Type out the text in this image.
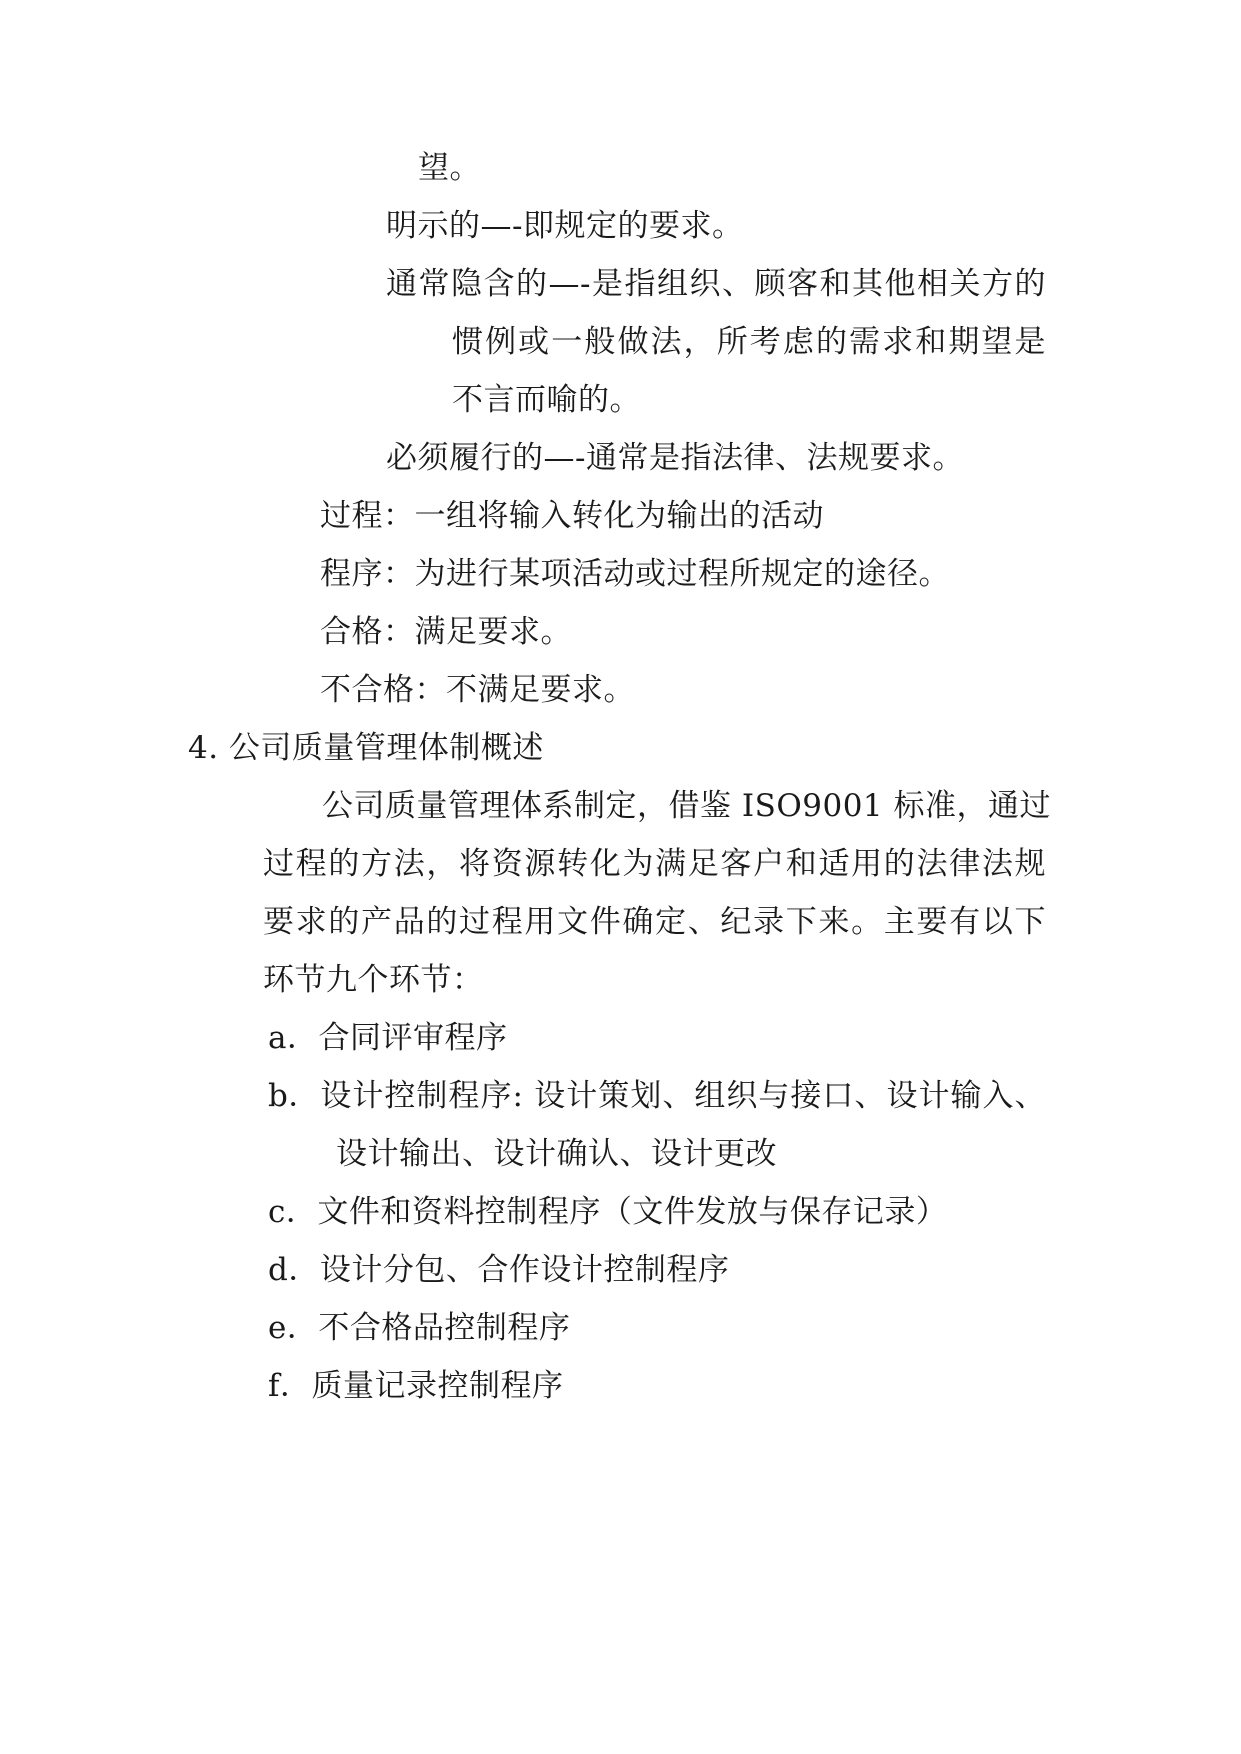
望。
明示的—-即规定的要求。
通常隐含的—-是指组织、顾客和其他相关方的
惯例或一般做法，所考虑的需求和期望是
不言而喻的。
必须履行的—-通常是指法律、法规要求。
过程：一组将输入转化为输出的活动
程序：为进行某项活动或过程所规定的途径。
合格：满足要求。
不合格：不满足要求。
4. 公司质量管理体制概述
公司质量管理体系制定，借鉴 ISO9001 标准，通过
过程的方法，将资源转化为满足客户和适用的法律法规
要求的产品的过程用文件确定、纪录下来。主要有以下
环节九个环节：
a．合同评审程序
b．设计控制程序: 设计策划、组织与接口、设计输入、
设计输出、设计确认、设计更改
c．文件和资料控制程序（文件发放与保存记录）
d．设计分包、合作设计控制程序
e．不合格品控制程序
f．质量记录控制程序
